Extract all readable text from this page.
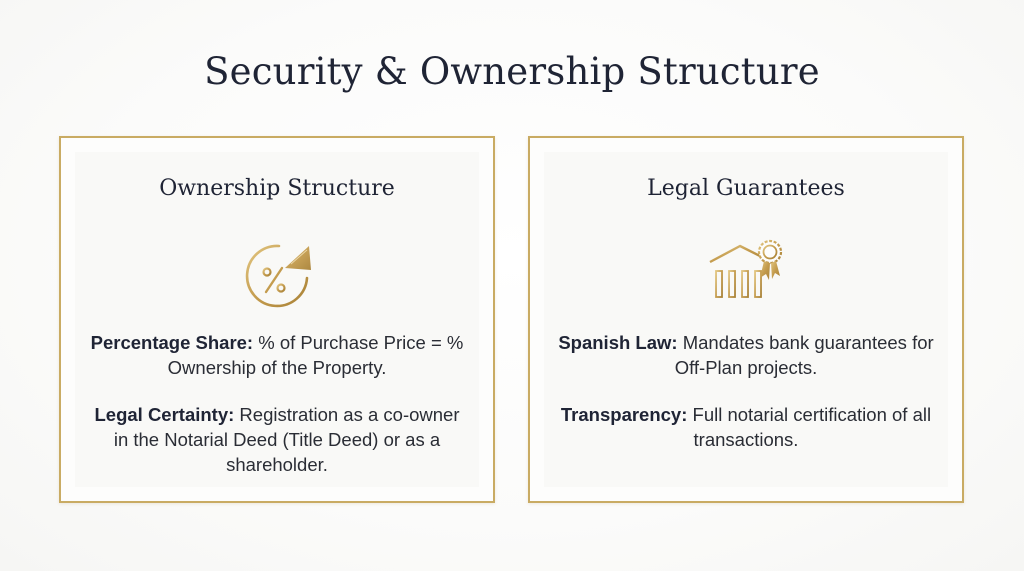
Security & Ownership Structure
Ownership Structure
Percentage Share: % of Purchase Price = % Ownership of the Property.
Legal Certainty: Registration as a co-owner in the Notarial Deed (Title Deed) or as a shareholder.
Legal Guarantees
Spanish Law: Mandates bank guarantees for Off-Plan projects.
Transparency: Full notarial certification of all transactions.
